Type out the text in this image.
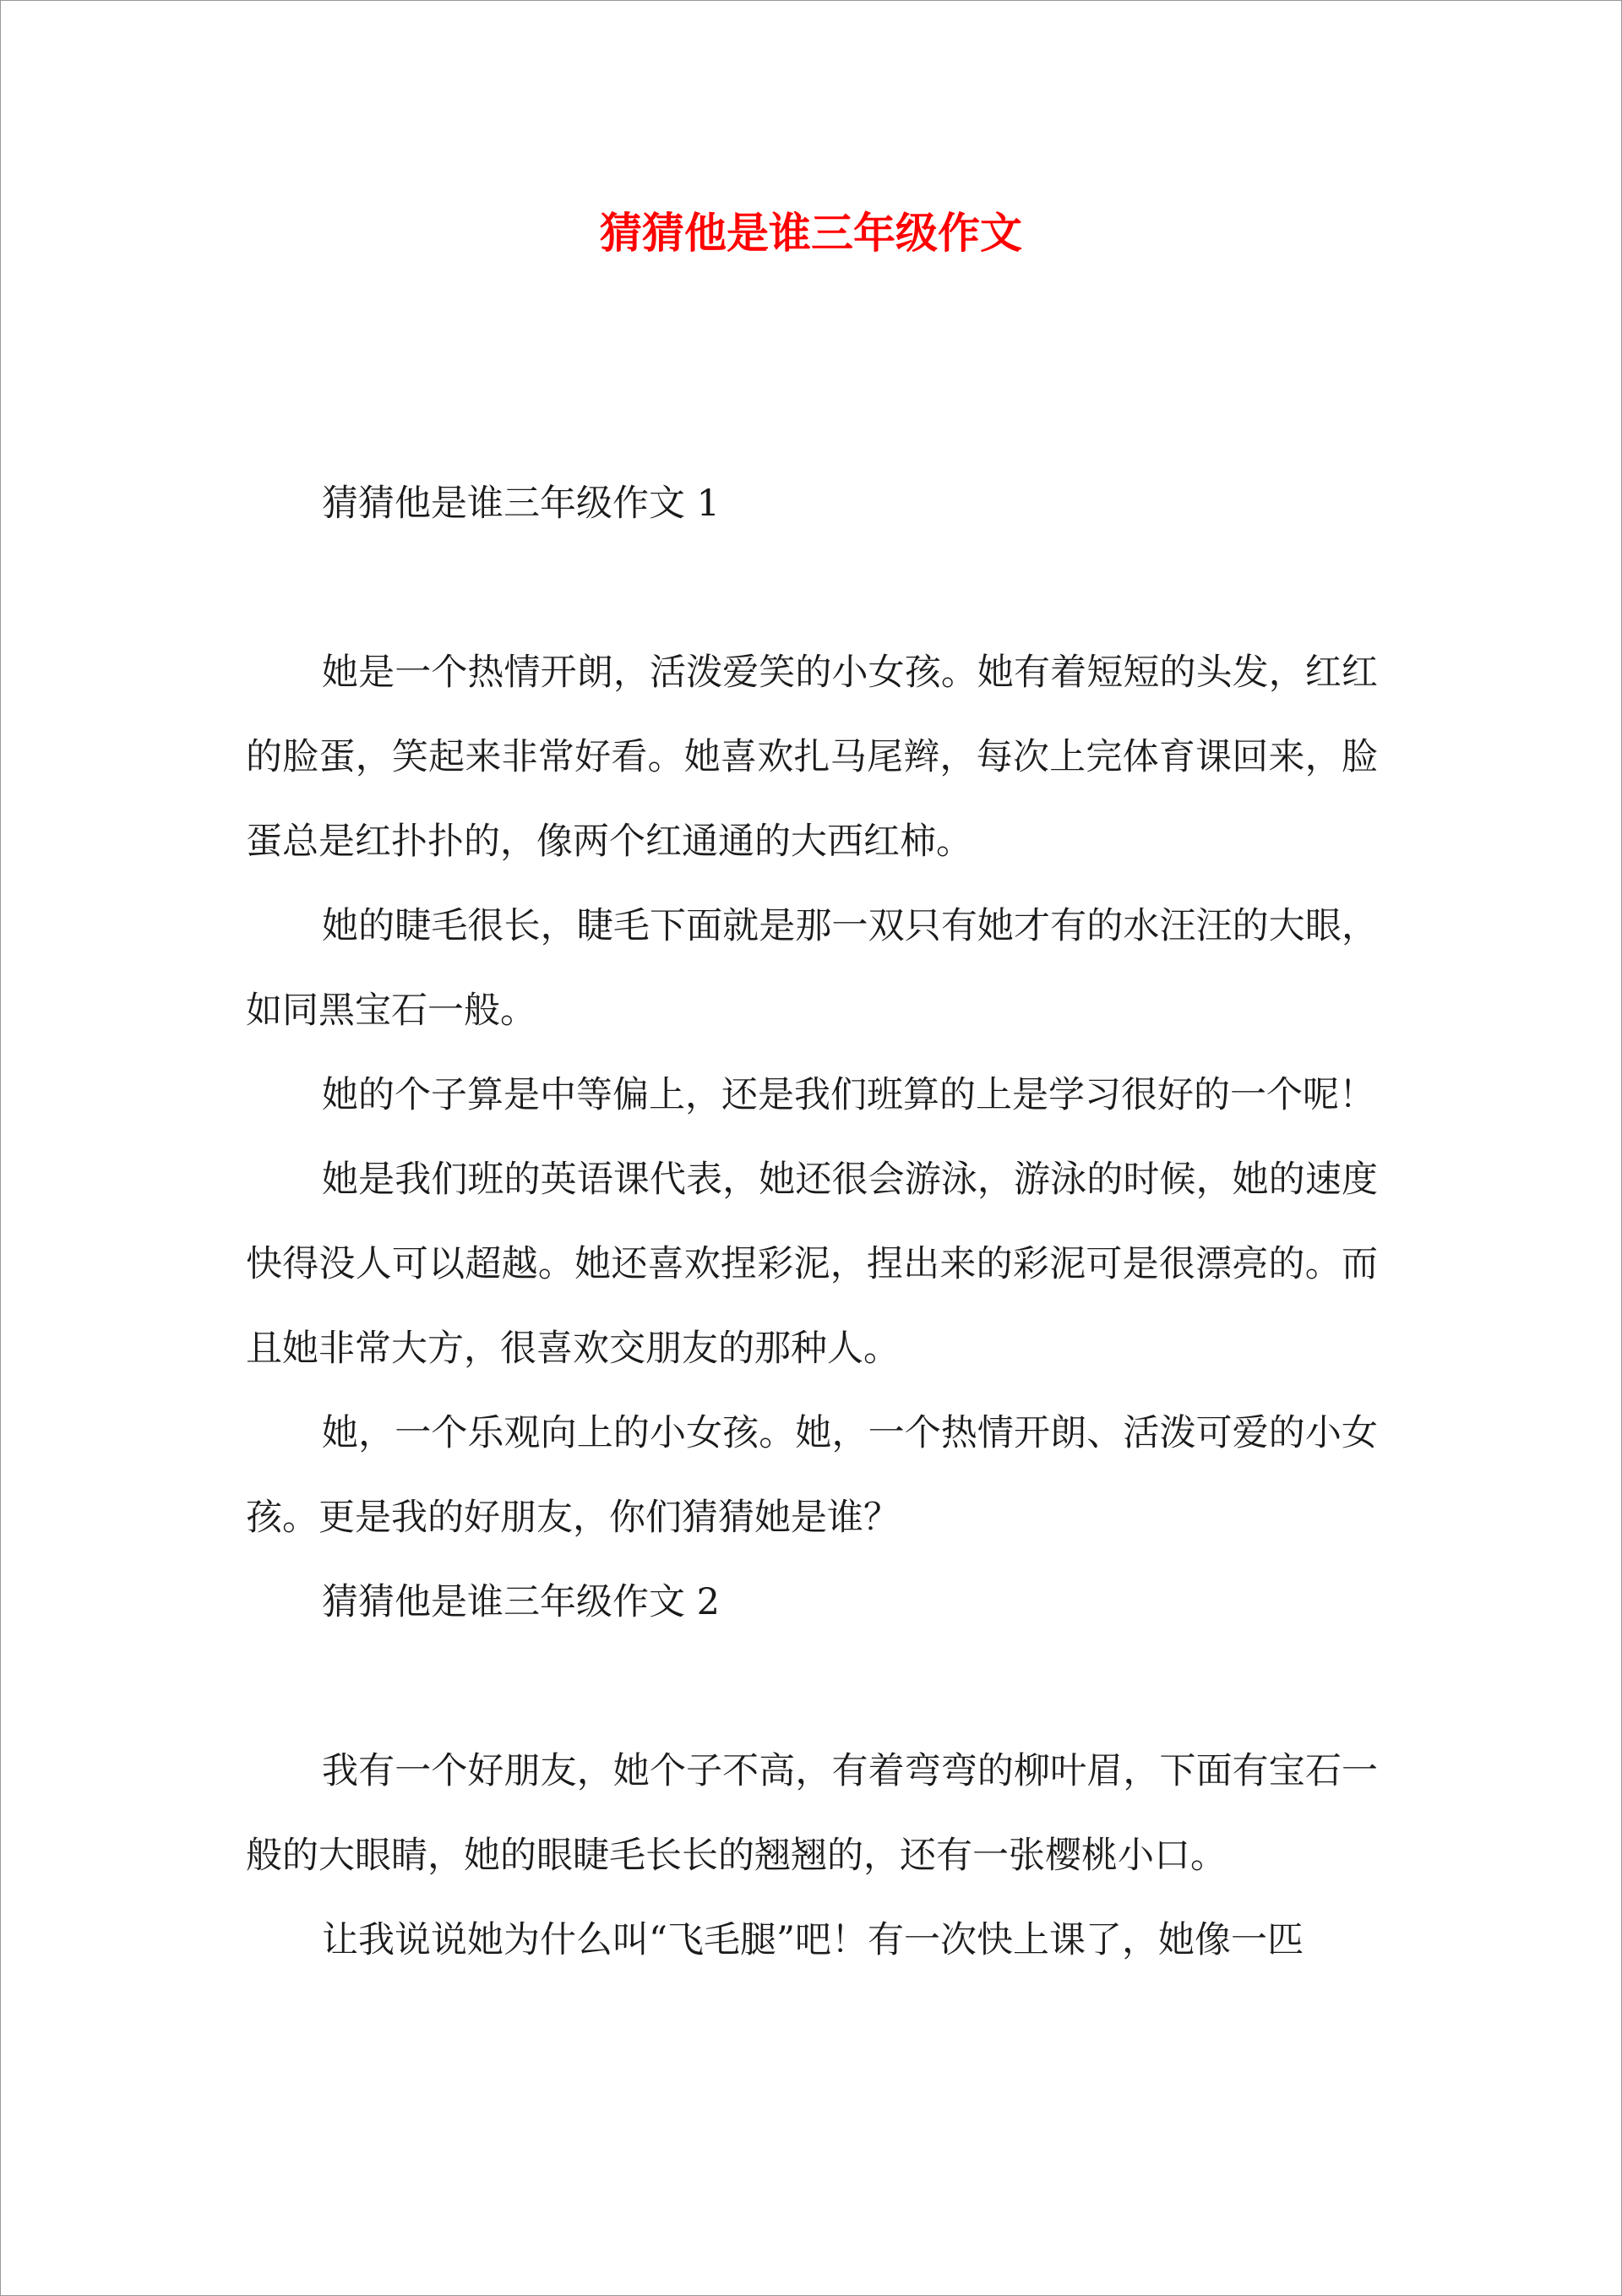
猜猜他是谁三年级作文

猜猜他是谁三年级作文 1

她是一个热情开朗，活泼爱笑的小女孩。她有着短短的头发，红红的脸蛋，笑起来非常好看。她喜欢扎马尾辫，每次上完体育课回来，脸蛋总是红扑扑的，像两个红通通的大西红柿。

她的睫毛很长，睫毛下面就是那一双只有她才有的水汪汪的大眼，如同黑宝石一般。

她的个子算是中等偏上，还是我们班算的上是学习很好的一个呢！

她是我们班的英语课代表，她还很会游泳，游泳的时候，她的速度快得没人可以超越。她还喜欢捏彩泥，捏出来的彩泥可是很漂亮的。而且她非常大方，很喜欢交朋友的那种人。

她，一个乐观向上的小女孩。她，一个热情开朗、活泼可爱的小女孩。更是我的好朋友，你们猜猜她是谁？

猜猜他是谁三年级作文 2

我有一个好朋友，她个子不高，有着弯弯的柳叶眉，下面有宝石一般的大眼睛，她的眼睫毛长长的翘翘的，还有一张樱桃小口。

让我说说她为什么叫“飞毛腿”吧！有一次快上课了，她像一匹
